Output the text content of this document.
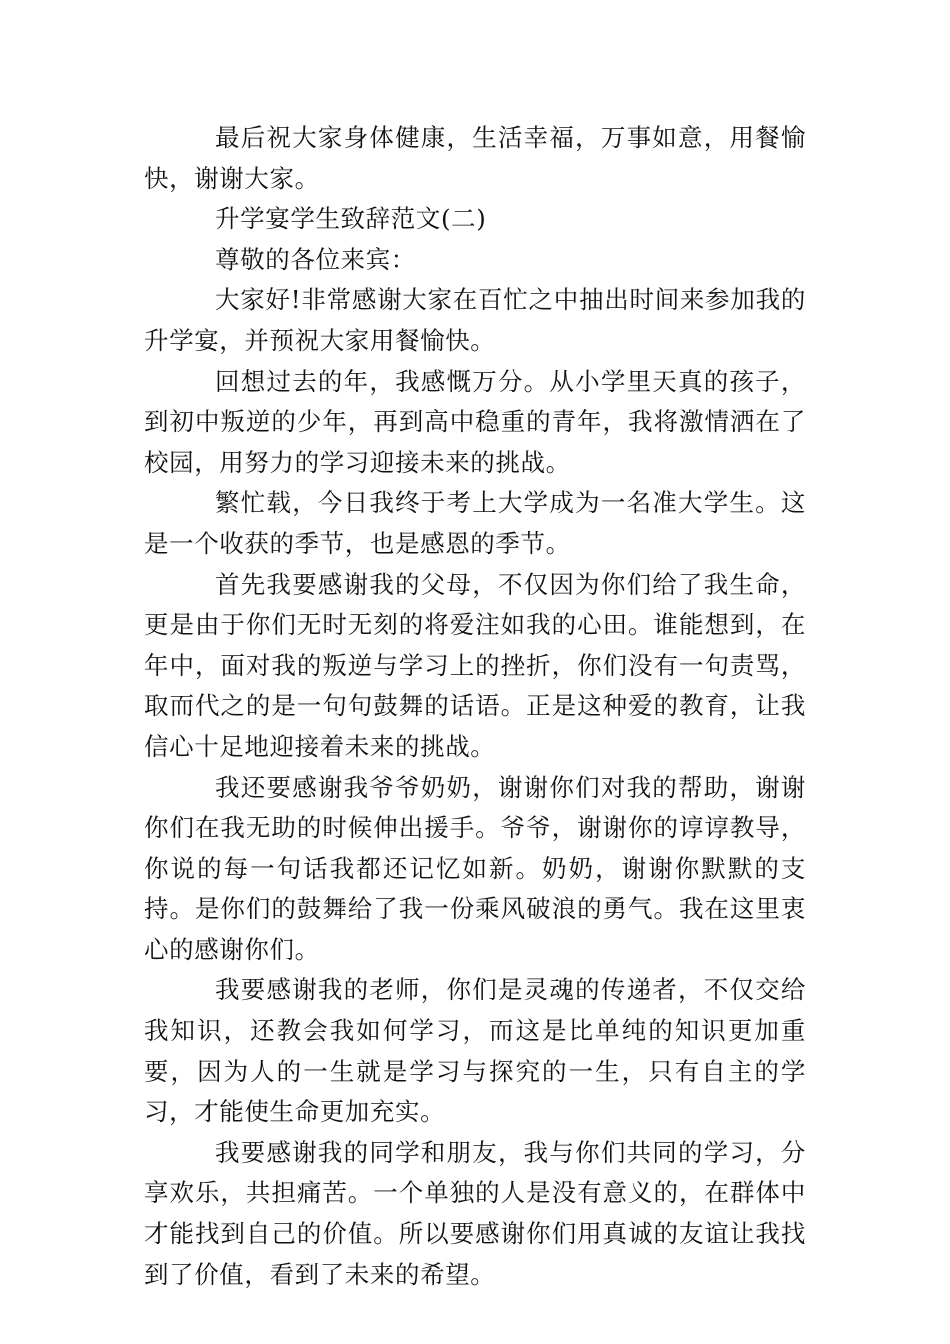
最后祝大家身体健康，生活幸福，万事如意，用餐愉快，谢谢大家。

升学宴学生致辞范文(二)

尊敬的各位来宾：

大家好!非常感谢大家在百忙之中抽出时间来参加我的升学宴，并预祝大家用餐愉快。

回想过去的年，我感慨万分。从小学里天真的孩子，到初中叛逆的少年，再到高中稳重的青年，我将激情洒在了校园，用努力的学习迎接未来的挑战。

繁忙载，今日我终于考上大学成为一名准大学生。这是一个收获的季节，也是感恩的季节。

首先我要感谢我的父母，不仅因为你们给了我生命，更是由于你们无时无刻的将爱注如我的心田。谁能想到，在年中，面对我的叛逆与学习上的挫折，你们没有一句责骂，取而代之的是一句句鼓舞的话语。正是这种爱的教育，让我信心十足地迎接着未来的挑战。

我还要感谢我爷爷奶奶，谢谢你们对我的帮助，谢谢你们在我无助的时候伸出援手。爷爷，谢谢你的谆谆教导，你说的每一句话我都还记忆如新。奶奶，谢谢你默默的支持。是你们的鼓舞给了我一份乘风破浪的勇气。我在这里衷心的感谢你们。

我要感谢我的老师，你们是灵魂的传递者，不仅交给我知识，还教会我如何学习，而这是比单纯的知识更加重要，因为人的一生就是学习与探究的一生，只有自主的学习，才能使生命更加充实。

我要感谢我的同学和朋友，我与你们共同的学习，分享欢乐，共担痛苦。一个单独的人是没有意义的，在群体中才能找到自己的价值。所以要感谢你们用真诚的友谊让我找到了价值，看到了未来的希望。
